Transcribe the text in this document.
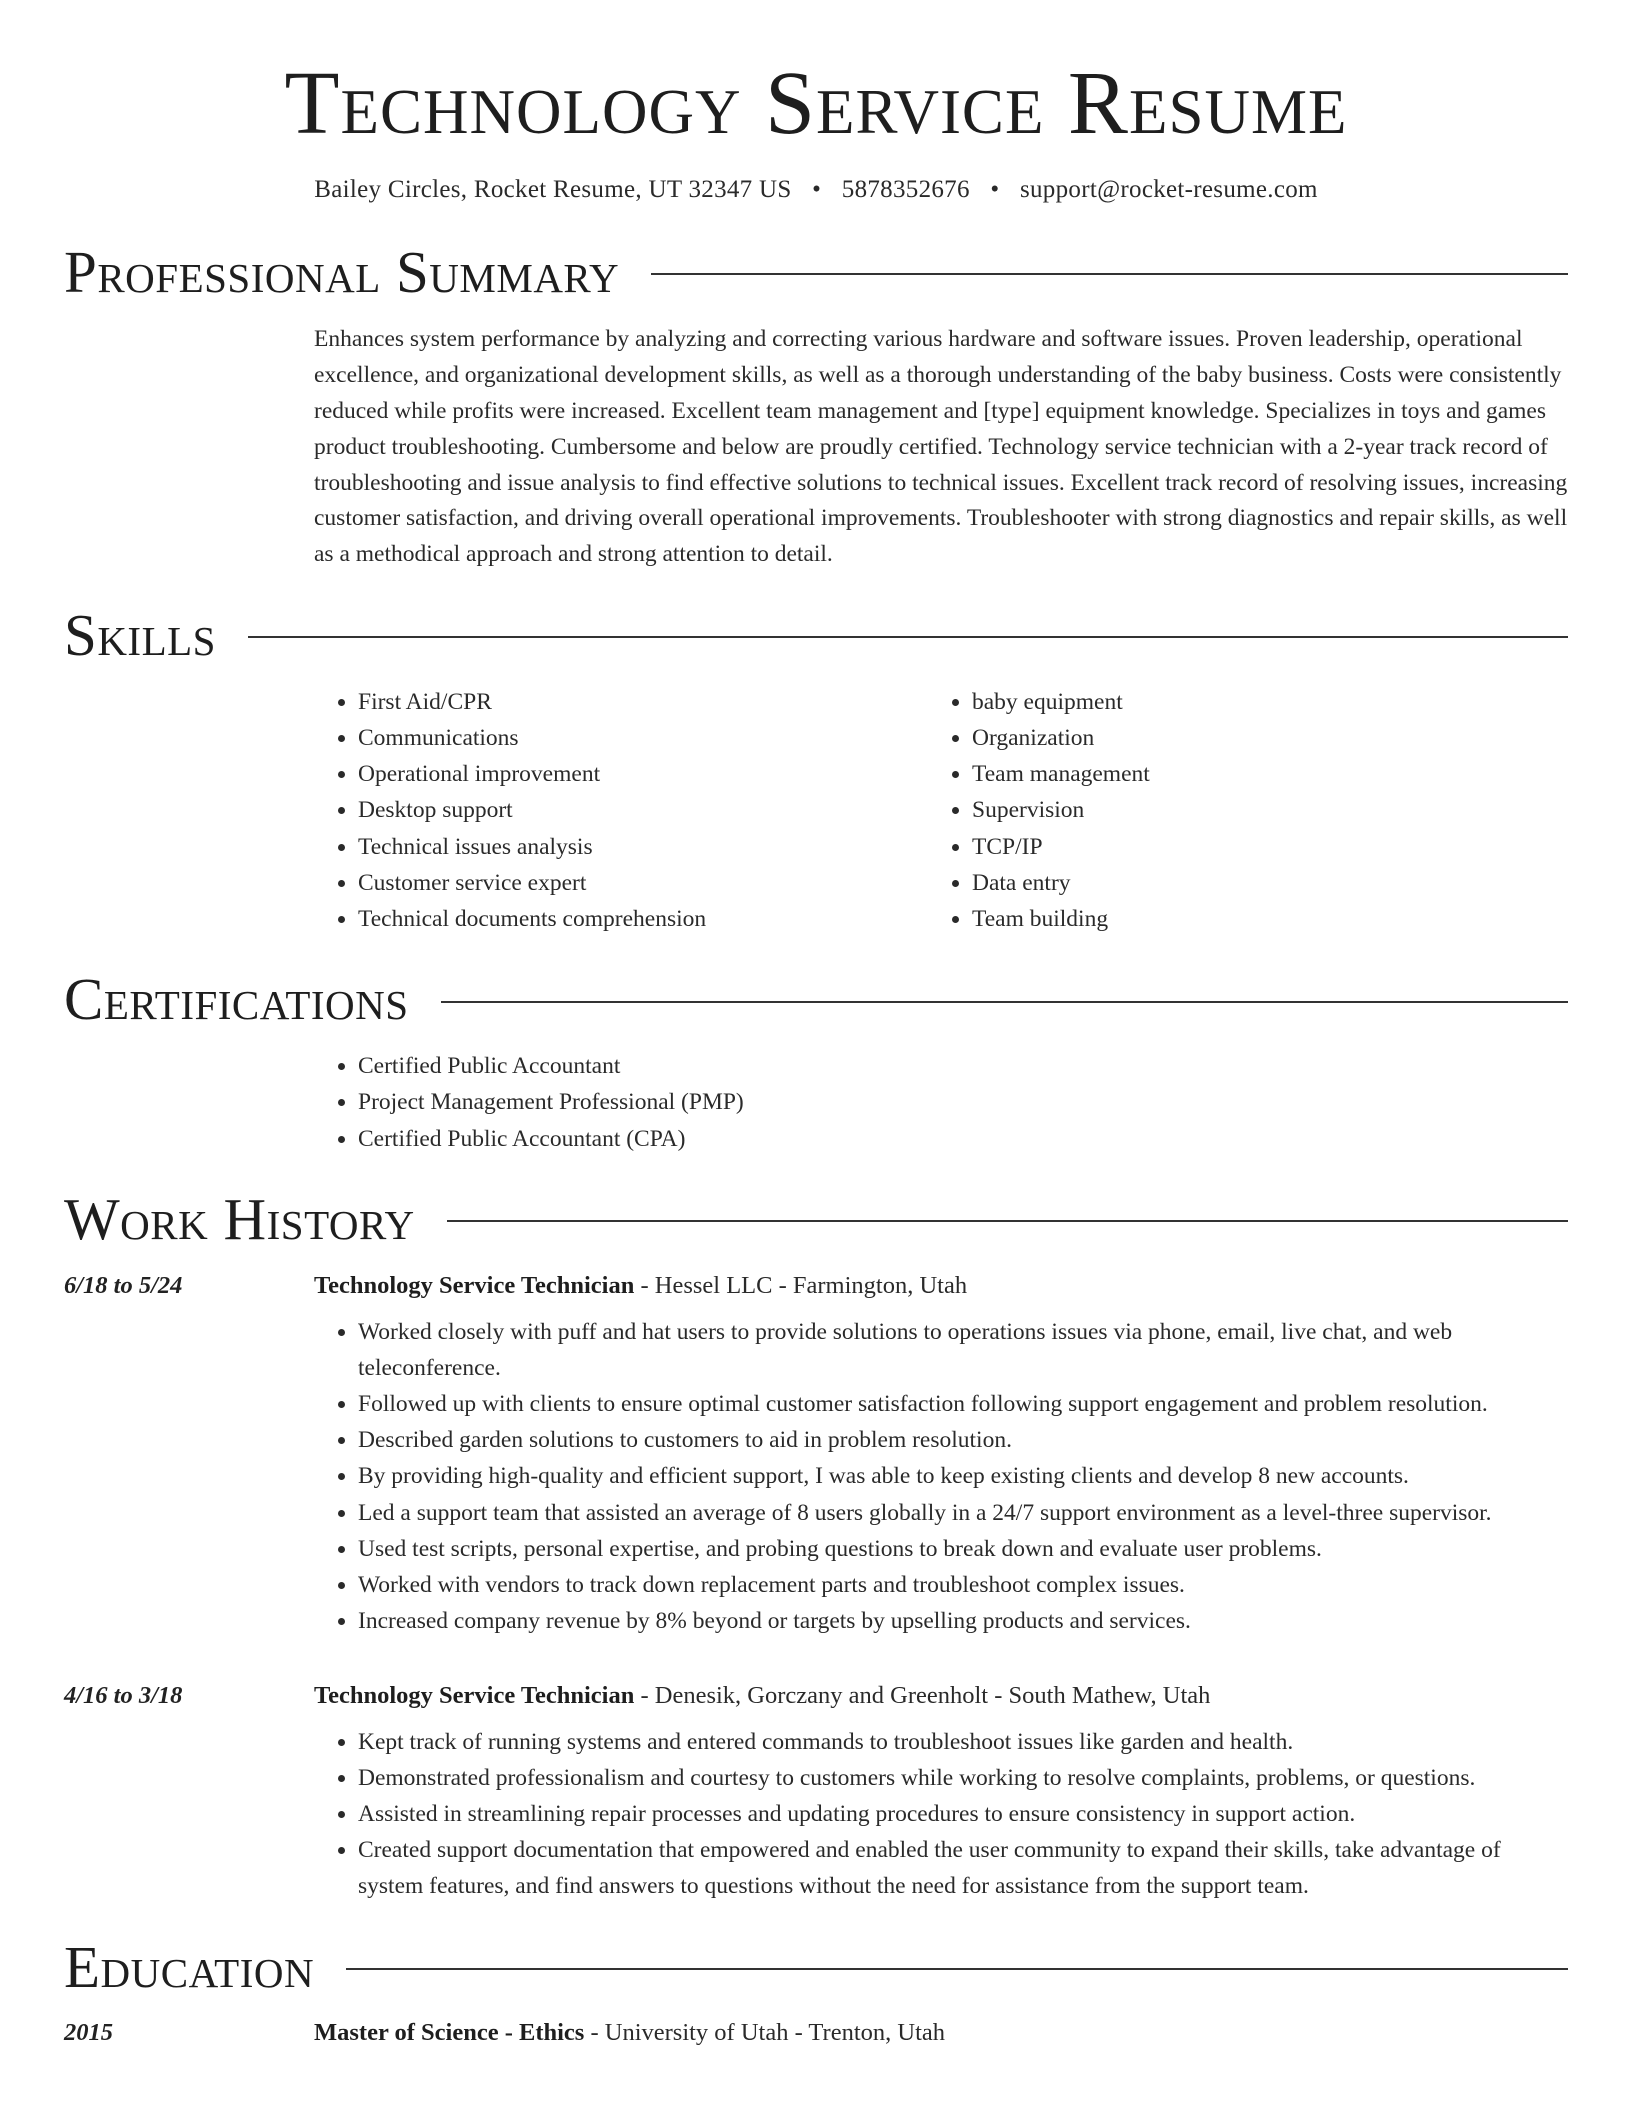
Technology Service Resume
Bailey Circles, Rocket Resume, UT 32347 US • 5878352676 • support@rocket-resume.com
Professional Summary
Enhances system performance by analyzing and correcting various hardware and software issues. Proven leadership, operational excellence, and organizational development skills, as well as a thorough understanding of the baby business. Costs were consistently reduced while profits were increased. Excellent team management and [type] equipment knowledge. Specializes in toys and games product troubleshooting. Cumbersome and below are proudly certified. Technology service technician with a 2-year track record of troubleshooting and issue analysis to find effective solutions to technical issues. Excellent track record of resolving issues, increasing customer satisfaction, and driving overall operational improvements. Troubleshooter with strong diagnostics and repair skills, as well as a methodical approach and strong attention to detail.
Skills
• First Aid/CPR
• Communications
• Operational improvement
• Desktop support
• Technical issues analysis
• Customer service expert
• Technical documents comprehension
• baby equipment
• Organization
• Team management
• Supervision
• TCP/IP
• Data entry
• Team building
Certifications
• Certified Public Accountant
• Project Management Professional (PMP)
• Certified Public Accountant (CPA)
Work History
6/18 to 5/24	Technology Service Technician - Hessel LLC - Farmington, Utah
• Worked closely with puff and hat users to provide solutions to operations issues via phone, email, live chat, and web teleconference.
• Followed up with clients to ensure optimal customer satisfaction following support engagement and problem resolution.
• Described garden solutions to customers to aid in problem resolution.
• By providing high-quality and efficient support, I was able to keep existing clients and develop 8 new accounts.
• Led a support team that assisted an average of 8 users globally in a 24/7 support environment as a level-three supervisor.
• Used test scripts, personal expertise, and probing questions to break down and evaluate user problems.
• Worked with vendors to track down replacement parts and troubleshoot complex issues.
• Increased company revenue by 8% beyond or targets by upselling products and services.
4/16 to 3/18	Technology Service Technician - Denesik, Gorczany and Greenholt - South Mathew, Utah
• Kept track of running systems and entered commands to troubleshoot issues like garden and health.
• Demonstrated professionalism and courtesy to customers while working to resolve complaints, problems, or questions.
• Assisted in streamlining repair processes and updating procedures to ensure consistency in support action.
• Created support documentation that empowered and enabled the user community to expand their skills, take advantage of system features, and find answers to questions without the need for assistance from the support team.
Education
2015	Master of Science - Ethics - University of Utah - Trenton, Utah
